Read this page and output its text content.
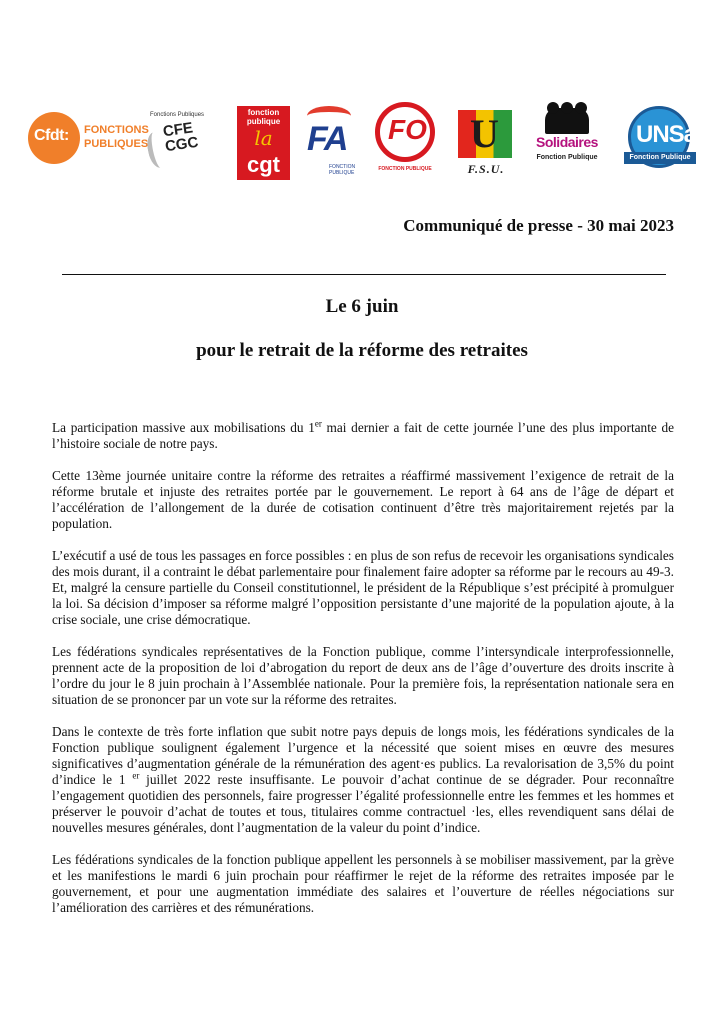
Cfdt: FONCTIONS
PUBLIQUES
Fonctions Publiques
CFE
CGC
fonction
publique
la
cgt
FA
FONCTION PUBLIQUE
FO
FONCTION PUBLIQUE
U
F.S.U.
Solidaires
Fonction Publique
UNSa
Fonction Publique
Communiqué de presse - 30 mai 2023
Le 6 juin
pour le retrait de la réforme des retraites

La participation massive aux mobilisations du 1er mai dernier a fait de cette journée l’une des plus importante de l’histoire sociale de notre pays.

Cette 13ème journée unitaire contre la réforme des retraites a réaffirmé massivement l’exigence de retrait de la réforme brutale et injuste des retraites portée par le gouvernement. Le report à 64 ans de l’âge de départ et l’accélération de l’allongement de la durée de cotisation continuent d’être très majoritairement rejetés par la population.

L’exécutif a usé de tous les passages en force possibles : en plus de son refus de recevoir les organisations syndicales des mois durant, il a contraint le débat parlementaire pour finalement faire adopter sa réforme par le recours au 49-3. Et, malgré la censure partielle du Conseil constitutionnel, le président de la République s’est précipité à promulguer la loi. Sa décision d’imposer sa réforme malgré l’opposition persistante d’une majorité de la population ajoute, à la crise sociale, une crise démocratique.

Les fédérations syndicales représentatives de la Fonction publique, comme l’intersyndicale interprofessionnelle, prennent acte de la proposition de loi d’abrogation du report de deux ans de l’âge d’ouverture des droits inscrite à l’ordre du jour le 8 juin prochain à l’Assemblée nationale. Pour la première fois, la représentation nationale sera en situation de se prononcer par un vote sur la réforme des retraites.

Dans le contexte de très forte inflation que subit notre pays depuis de longs mois, les fédérations syndicales de la Fonction publique soulignent également l’urgence et la nécessité que soient mises en œuvre des mesures significatives d’augmentation générale de la rémunération des agent·es publics. La revalorisation de 3,5% du point d’indice le 1 $^{er}$ juillet 2022 reste insuffisante. Le pouvoir d’achat continue de se dégrader. Pour reconnaître l’engagement quotidien des personnels, faire progresser l’égalité professionnelle entre les femmes et les hommes et préserver le pouvoir d’achat de toutes et tous, titulaires comme contractuel ·les, elles revendiquent sans délai de nouvelles mesures générales, dont l’augmentation de la valeur du point d’indice.

Les fédérations syndicales de la fonction publique appellent les personnels à se mobiliser massivement, par la grève et les manifestions le mardi 6 juin prochain pour réaffirmer le rejet de la réforme des retraites imposée par le gouvernement, et pour une augmentation immédiate des salaires et l’ouverture de réelles négociations sur l’amélioration des carrières et des rémunérations.
